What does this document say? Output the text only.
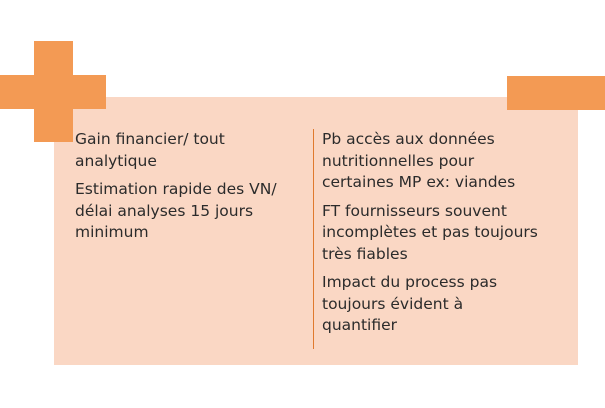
Gain financier/ tout
analytique
Estimation rapide des VN/
délai analyses 15 jours
minimum
Pb accès aux données
nutritionnelles pour
certaines MP ex: viandes
FT fournisseurs souvent
incomplètes et pas toujours
très fiables
Impact du process pas
toujours évident à
quantifier
